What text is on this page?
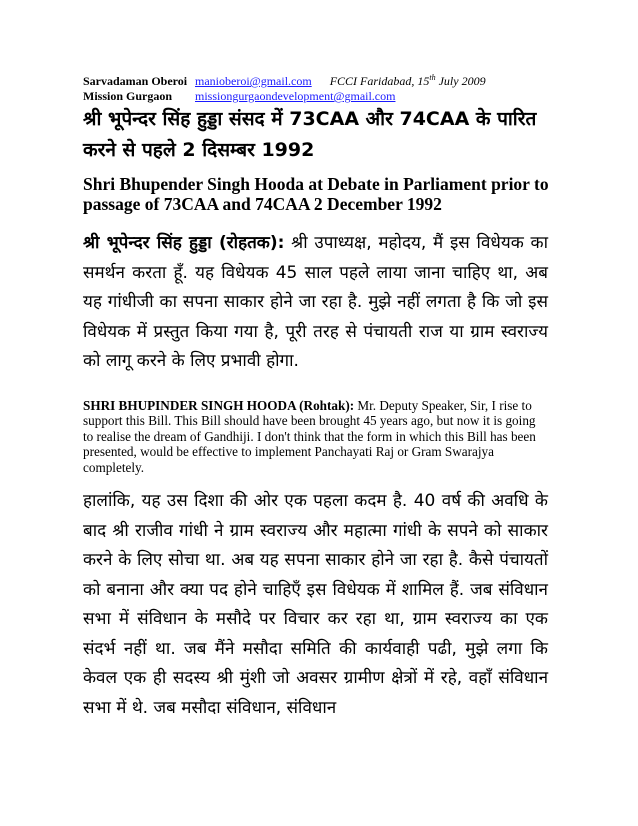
Sarvadaman Oberoi manioberoi@gmail.com FCCI Faridabad, 15th July 2009
Mission Gurgaon missiongurgaondevelopment@gmail.com
श्री भूपेन्दर सिंह हुड्डा संसद में 73CAA और 74CAA के पारित करने से पहले 2 दिसम्बर 1992
Shri Bhupender Singh Hooda at Debate in Parliament prior to passage of 73CAA and 74CAA 2 December 1992
श्री भूपेन्दर सिंह हुड्डा (रोहतक): श्री उपाध्यक्ष, महोदय, मैं इस विधेयक का समर्थन करता हूँ. यह विधेयक 45 साल पहले लाया जाना चाहिए था, अब यह गांधीजी का सपना साकार होने जा रहा है. मुझे नहीं लगता है कि जो इस विधेयक में प्रस्तुत किया गया है, पूरी तरह से पंचायती राज या ग्राम स्वराज्य को लागू करने के लिए प्रभावी होगा.
SHRI BHUPINDER SINGH HOODA (Rohtak): Mr. Deputy Speaker, Sir, I rise to support this Bill. This Bill should have been brought 45 years ago, but now it is going to realise the dream of Gandhiji. I don't think that the form in which this Bill has been presented, would be effective to implement Panchayati Raj or Gram Swarajya completely.
हालांकि, यह उस दिशा की ओर एक पहला कदम है. 40 वर्ष की अवधि के बाद श्री राजीव गांधी ने ग्राम स्वराज्य और महात्मा गांधी के सपने को साकार करने के लिए सोचा था. अब यह सपना साकार होने जा रहा है. कैसे पंचायतों को बनाना और क्या पद होने चाहिएँ इस विधेयक में शामिल हैं. जब संविधान सभा में संविधान के मसौदे पर विचार कर रहा था, ग्राम स्वराज्य का एक संदर्भ नहीं था. जब मैंने मसौदा समिति की कार्यवाही पढी, मुझे लगा कि केवल एक ही सदस्य श्री मुंशी जो अवसर ग्रामीण क्षेत्रों में रहे, वहाँ संविधान सभा में थे. जब मसौदा संविधान, संविधान
